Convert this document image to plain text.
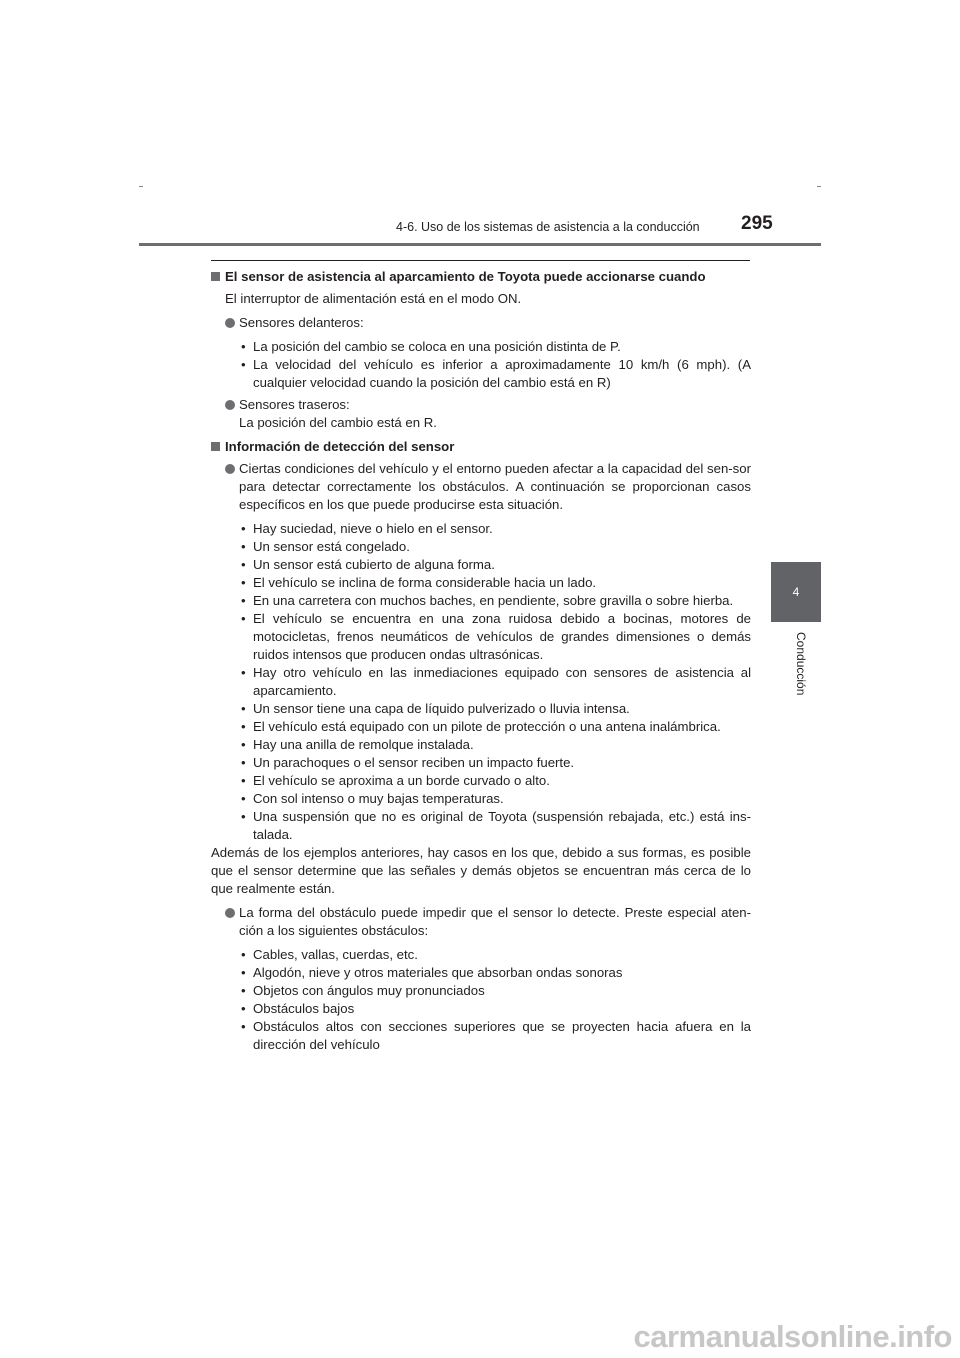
4-6. Uso de los sistemas de asistencia a la conducción 295
4
Conducción

El sensor de asistencia al aparcamiento de Toyota puede accionarse cuando

El interruptor de alimentación está en el modo ON.

Sensores delanteros:

• La posición del cambio se coloca en una posición distinta de P.
• La velocidad del vehículo es inferior a aproximadamente 10 km/h (6 mph). (A cualquier velocidad cuando la posición del cambio está en R)

Sensores traseros:
La posición del cambio está en R.

Información de detección del sensor

Ciertas condiciones del vehículo y el entorno pueden afectar a la capacidad del sen-sor para detectar correctamente los obstáculos. A continuación se proporcionan casos específicos en los que puede producirse esta situación.

• Hay suciedad, nieve o hielo en el sensor.
• Un sensor está congelado.
• Un sensor está cubierto de alguna forma.
• El vehículo se inclina de forma considerable hacia un lado.
• En una carretera con muchos baches, en pendiente, sobre gravilla o sobre hierba.
• El vehículo se encuentra en una zona ruidosa debido a bocinas, motores de motocicletas, frenos neumáticos de vehículos de grandes dimensiones o demás ruidos intensos que producen ondas ultrasónicas.
• Hay otro vehículo en las inmediaciones equipado con sensores de asistencia al aparcamiento.
• Un sensor tiene una capa de líquido pulverizado o lluvia intensa.
• El vehículo está equipado con un pilote de protección o una antena inalámbrica.
• Hay una anilla de remolque instalada.
• Un parachoques o el sensor reciben un impacto fuerte.
• El vehículo se aproxima a un borde curvado o alto.
• Con sol intenso o muy bajas temperaturas.
• Una suspensión que no es original de Toyota (suspensión rebajada, etc.) está ins-talada.

Además de los ejemplos anteriores, hay casos en los que, debido a sus formas, es posible que el sensor determine que las señales y demás objetos se encuentran más cerca de lo que realmente están.

La forma del obstáculo puede impedir que el sensor lo detecte. Preste especial aten-ción a los siguientes obstáculos:

• Cables, vallas, cuerdas, etc.
• Algodón, nieve y otros materiales que absorban ondas sonoras
• Objetos con ángulos muy pronunciados
• Obstáculos bajos
• Obstáculos altos con secciones superiores que se proyecten hacia afuera en la dirección del vehículo
carmanualsonline.info
